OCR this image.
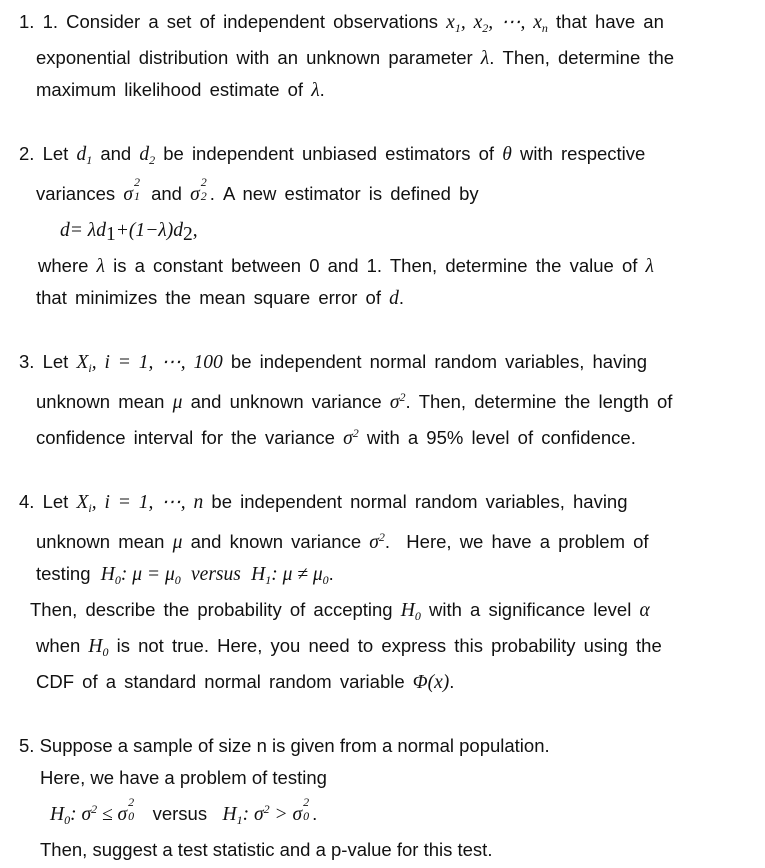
1. 1. Consider a set of independent observations $x_1$, $x_2$, ⋯, $x_n$ that have an
exponential distribution with an unknown parameter λ. Then, determine the
maximum likelihood estimate of λ.
2. Let $d_1$ and $d_2$ be independent unbiased estimators of θ with respective
variances σ
2
1 and σ
2
2 . A new estimator is defined by
$d= \lambda d_1+(1-\lambda)d_2$,
where λ is a constant between 0 and 1. Then, determine the value of λ
that minimizes the mean square error of d.
3. Let $X_i$, i = 1, ⋯, 100 be independent normal random variables, having
unknown mean μ and unknown variance $\sigma^2$. Then, determine the length of
confidence interval for the variance $\sigma^2$ with a 95% level of confidence.
4. Let $X_i$, i = 1, ⋯, n be independent normal random variables, having
unknown mean μ and known variance $\sigma^2$.  Here, we have a problem of
testing $H_0$: $\mu = \mu_0$ versus $H_1$: $\mu \ne \mu_0$.
Then, describe the probability of accepting $H_0$ with a significance level α
when $H_0$ is not true. Here, you need to express this probability using the
CDF of a standard normal random variable Φ(x).
5. Suppose a sample of size n is given from a normal population.
Here, we have a problem of testing
$H_0$: $\sigma^2 \le \sigma$
2
0 versus $H_1$: $\sigma^2 > \sigma$
2
0 .
Then, suggest a test statistic and a p-value for this test.
